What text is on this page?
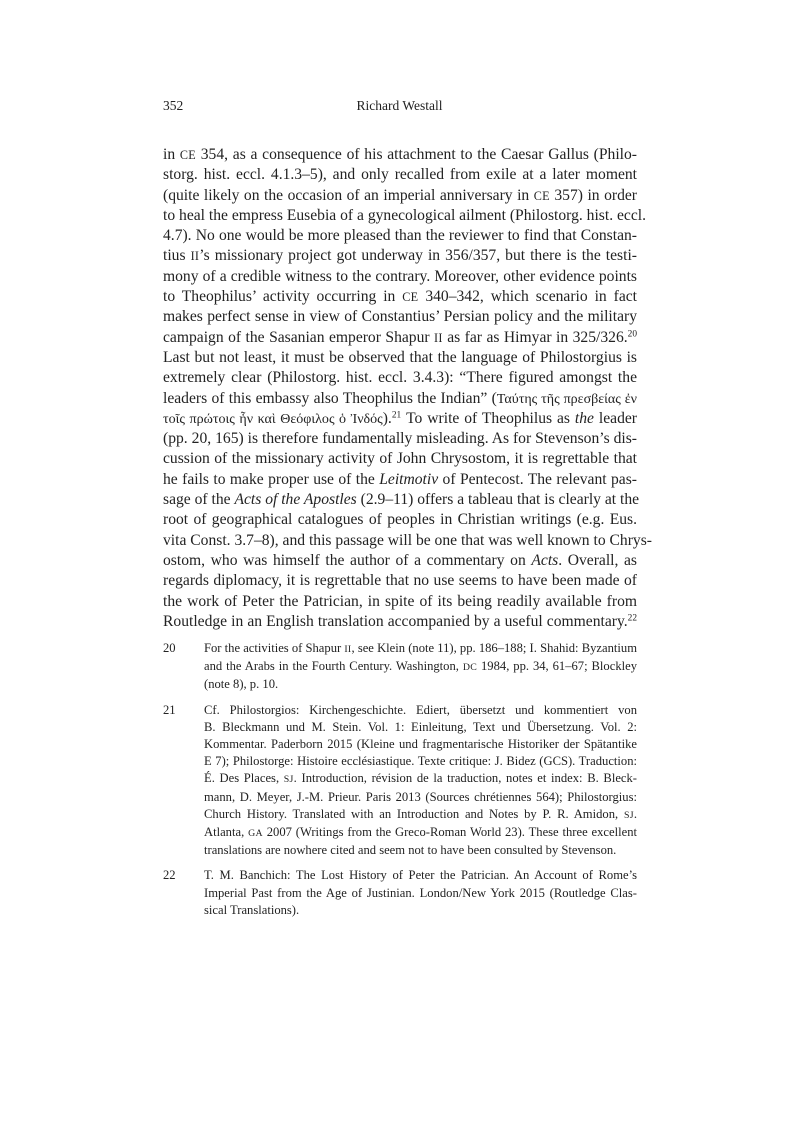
352	Richard Westall
in CE 354, as a consequence of his attachment to the Caesar Gallus (Philo-
storg. hist. eccl. 4.1.3–5), and only recalled from exile at a later moment
(quite likely on the occasion of an imperial anniversary in CE 357) in order
to heal the empress Eusebia of a gynecological ailment (Philostorg. hist. eccl.
4.7). No one would be more pleased than the reviewer to find that Constan-
tius II’s missionary project got underway in 356/357, but there is the testi-
mony of a credible witness to the contrary. Moreover, other evidence points
to Theophilus’ activity occurring in CE 340–342, which scenario in fact
makes perfect sense in view of Constantius’ Persian policy and the military
campaign of the Sasanian emperor Shapur II as far as Himyar in 325/326.20
Last but not least, it must be observed that the language of Philostorgius is
extremely clear (Philostorg. hist. eccl. 3.4.3): “There figured amongst the
leaders of this embassy also Theophilus the Indian” (Ταύτης τῆς πρεσβείας ἐν
τοῖς πρώτοις ἦν καὶ Θεόφιλος ὁ Ἰνδός).$^{21}$ To write of Theophilus as the leader
(pp. 20, 165) is therefore fundamentally misleading. As for Stevenson’s dis-
cussion of the missionary activity of John Chrysostom, it is regrettable that
he fails to make proper use of the Leitmotiv of Pentecost. The relevant pas-
sage of the Acts of the Apostles (2.9–11) offers a tableau that is clearly at the
root of geographical catalogues of peoples in Christian writings (e.g. Eus.
vita Const. 3.7–8), and this passage will be one that was well known to Chrys-
ostom, who was himself the author of a commentary on Acts. Overall, as
regards diplomacy, it is regrettable that no use seems to have been made of
the work of Peter the Patrician, in spite of its being readily available from
Routledge in an English translation accompanied by a useful commentary.$^{22}$
20 For the activities of Shapur II, see Klein (note 11), pp. 186–188; I. Shahid: Byzantium
and the Arabs in the Fourth Century. Washington, DC 1984, pp. 34, 61–67; Blockley
(note 8), p. 10.
21 Cf. Philostorgios: Kirchengeschichte. Ediert, übersetzt und kommentiert von
B. Bleckmann und M. Stein. Vol. 1: Einleitung, Text und Übersetzung. Vol. 2:
Kommentar. Paderborn 2015 (Kleine und fragmentarische Historiker der Spätantike
E 7); Philostorge: Histoire ecclésiastique. Texte critique: J. Bidez (GCS). Traduction:
É. Des Places, SJ. Introduction, révision de la traduction, notes et index: B. Bleck-
mann, D. Meyer, J.-M. Prieur. Paris 2013 (Sources chrétiennes 564); Philostorgius:
Church History. Translated with an Introduction and Notes by P. R. Amidon, SJ.
Atlanta, GA 2007 (Writings from the Greco-Roman World 23). These three excellent
translations are nowhere cited and seem not to have been consulted by Stevenson.
22 T. M. Banchich: The Lost History of Peter the Patrician. An Account of Rome’s
Imperial Past from the Age of Justinian. London/New York 2015 (Routledge Clas-
sical Translations).
